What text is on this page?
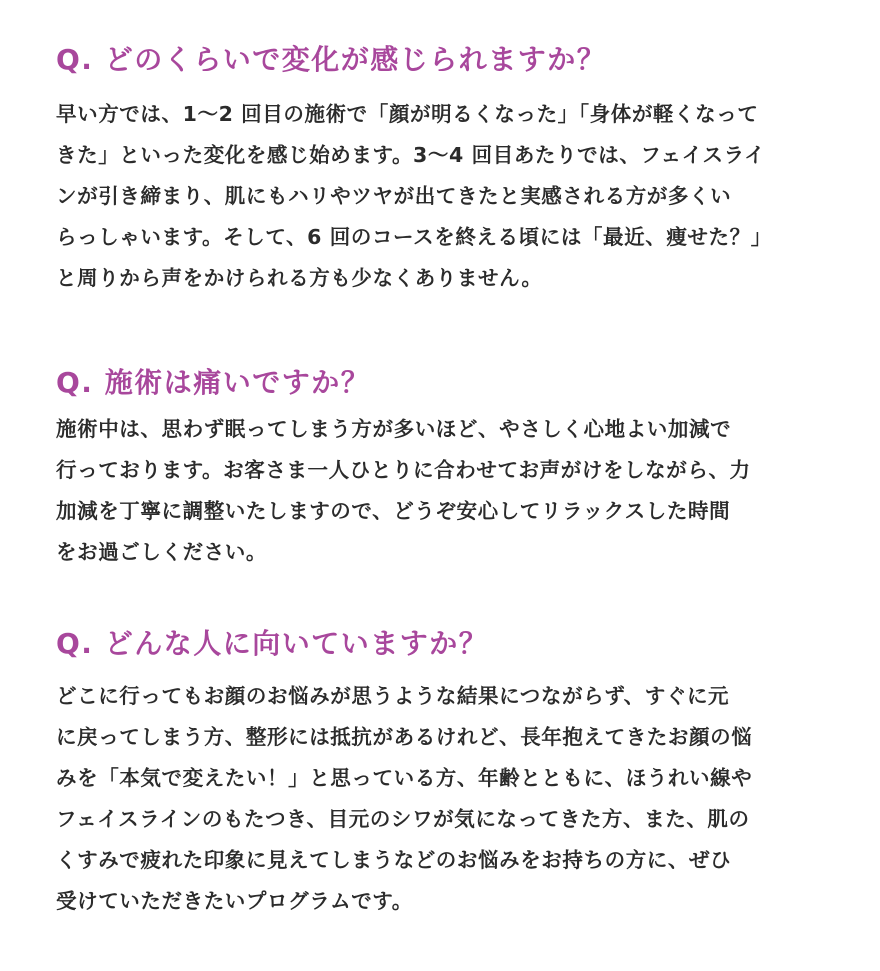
Q. どのくらいで変化が感じられますか？
早い方では、1～2 回目の施術で「顔が明るくなった」「身体が軽くなって
きた」といった変化を感じ始めます。3～4 回目あたりでは、フェイスライ
ンが引き締まり、肌にもハリやツヤが出てきたと実感される方が多くい
らっしゃいます。そして、6 回のコースを終える頃には「最近、痩せた？」
と周りから声をかけられる方も少なくありません。
Q. 施術は痛いですか？
施術中は、思わず眠ってしまう方が多いほど、やさしく心地よい加減で
行っております。お客さま一人ひとりに合わせてお声がけをしながら、力
加減を丁寧に調整いたしますので、どうぞ安心してリラックスした時間
をお過ごしください。
Q. どんな人に向いていますか？
どこに行ってもお顔のお悩みが思うような結果につながらず、すぐに元
に戻ってしまう方、整形には抵抗があるけれど、長年抱えてきたお顔の悩
みを「本気で変えたい！」と思っている方、年齢とともに、ほうれい線や
フェイスラインのもたつき、目元のシワが気になってきた方、また、肌の
くすみで疲れた印象に見えてしまうなどのお悩みをお持ちの方に、ぜひ
受けていただきたいプログラムです。
